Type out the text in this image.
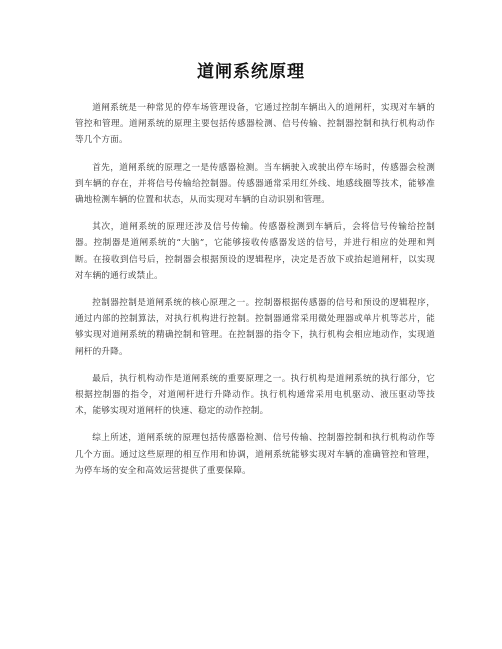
道闸系统原理

道闸系统是一种常见的停车场管理设备，它通过控制车辆出入的道闸杆，实现对车辆的管控和管理。道闸系统的原理主要包括传感器检测、信号传输、控制器控制和执行机构动作等几个方面。

首先，道闸系统的原理之一是传感器检测。当车辆驶入或驶出停车场时，传感器会检测到车辆的存在，并将信号传输给控制器。传感器通常采用红外线、地感线圈等技术，能够准确地检测车辆的位置和状态，从而实现对车辆的自动识别和管理。

其次，道闸系统的原理还涉及信号传输。传感器检测到车辆后，会将信号传输给控制器。控制器是道闸系统的“大脑”，它能够接收传感器发送的信号，并进行相应的处理和判断。在接收到信号后，控制器会根据预设的逻辑程序，决定是否放下或抬起道闸杆，以实现对车辆的通行或禁止。

控制器控制是道闸系统的核心原理之一。控制器根据传感器的信号和预设的逻辑程序，通过内部的控制算法，对执行机构进行控制。控制器通常采用微处理器或单片机等芯片，能够实现对道闸系统的精确控制和管理。在控制器的指令下，执行机构会相应地动作，实现道闸杆的升降。

最后，执行机构动作是道闸系统的重要原理之一。执行机构是道闸系统的执行部分，它根据控制器的指令，对道闸杆进行升降动作。执行机构通常采用电机驱动、液压驱动等技术，能够实现对道闸杆的快速、稳定的动作控制。

综上所述，道闸系统的原理包括传感器检测、信号传输、控制器控制和执行机构动作等几个方面。通过这些原理的相互作用和协调，道闸系统能够实现对车辆的准确管控和管理，为停车场的安全和高效运营提供了重要保障。
